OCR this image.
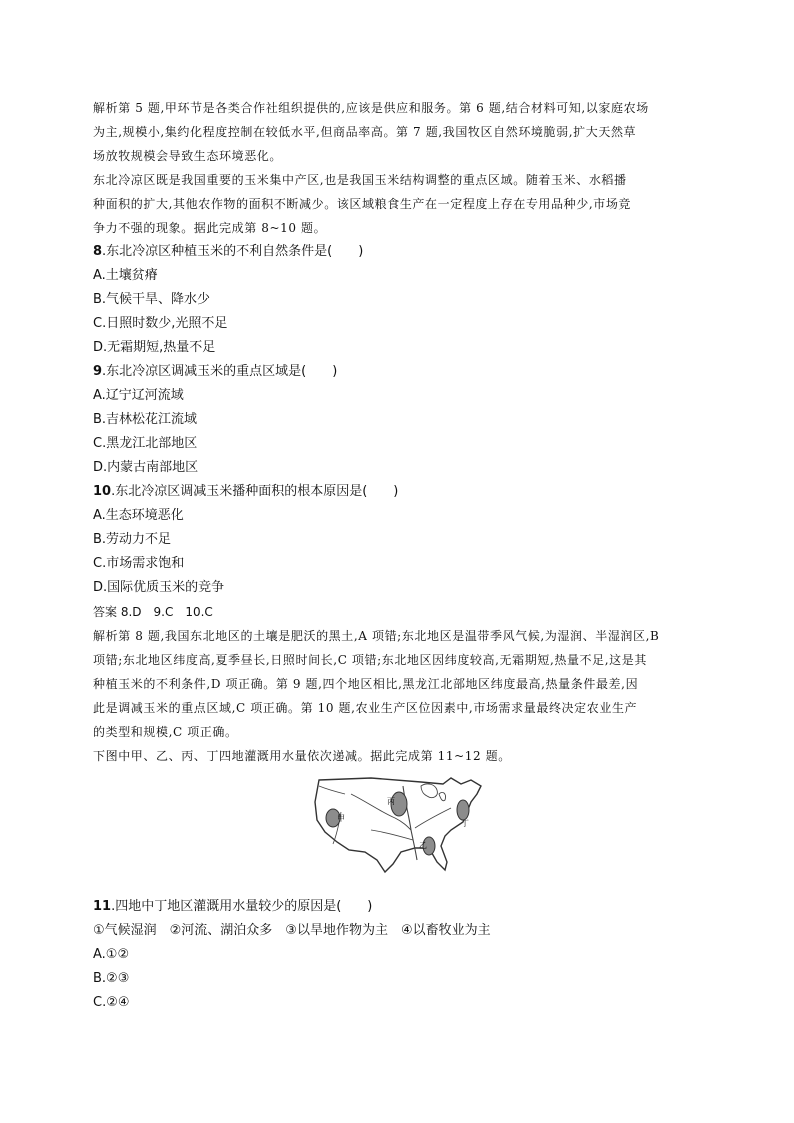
解析第 5 题,甲环节是各类合作社组织提供的,应该是供应和服务。第 6 题,结合材料可知,以家庭农场

为主,规模小,集约化程度控制在较低水平,但商品率高。第 7 题,我国牧区自然环境脆弱,扩大天然草

场放牧规模会导致生态环境恶化。

东北冷凉区既是我国重要的玉米集中产区,也是我国玉米结构调整的重点区域。随着玉米、水稻播

种面积的扩大,其他农作物的面积不断减少。该区域粮食生产在一定程度上存在专用品种少,市场竞

争力不强的现象。据此完成第 8~10 题。

8.东北冷凉区种植玉米的不利自然条件是(　　)
A.土壤贫瘠
B.气候干旱、降水少
C.日照时数少,光照不足
D.无霜期短,热量不足
9.东北冷凉区调减玉米的重点区域是(　　)
A.辽宁辽河流域
B.吉林松花江流域
C.黑龙江北部地区
D.内蒙古南部地区
10.东北冷凉区调减玉米播种面积的根本原因是(　　)
A.生态环境恶化
B.劳动力不足
C.市场需求饱和
D.国际优质玉米的竞争
答案 8.D　9.C　10.C

解析第 8 题,我国东北地区的土壤是肥沃的黑土,A 项错;东北地区是温带季风气候,为湿润、半湿润区,B

项错;东北地区纬度高,夏季昼长,日照时间长,C 项错;东北地区因纬度较高,无霜期短,热量不足,这是其

种植玉米的不利条件,D 项正确。第 9 题,四个地区相比,黑龙江北部地区纬度最高,热量条件最差,因

此是调减玉米的重点区域,C 项正确。第 10 题,农业生产区位因素中,市场需求量最终决定农业生产

的类型和规模,C 项正确。

下图中甲、乙、丙、丁四地灌溉用水量依次递减。据此完成第 11~12 题。
甲
乙
丙
丁
11.四地中丁地区灌溉用水量较少的原因是(　　)
①气候湿润　②河流、湖泊众多　③以旱地作物为主　④以畜牧业为主
A.①②
B.②③
C.②④
